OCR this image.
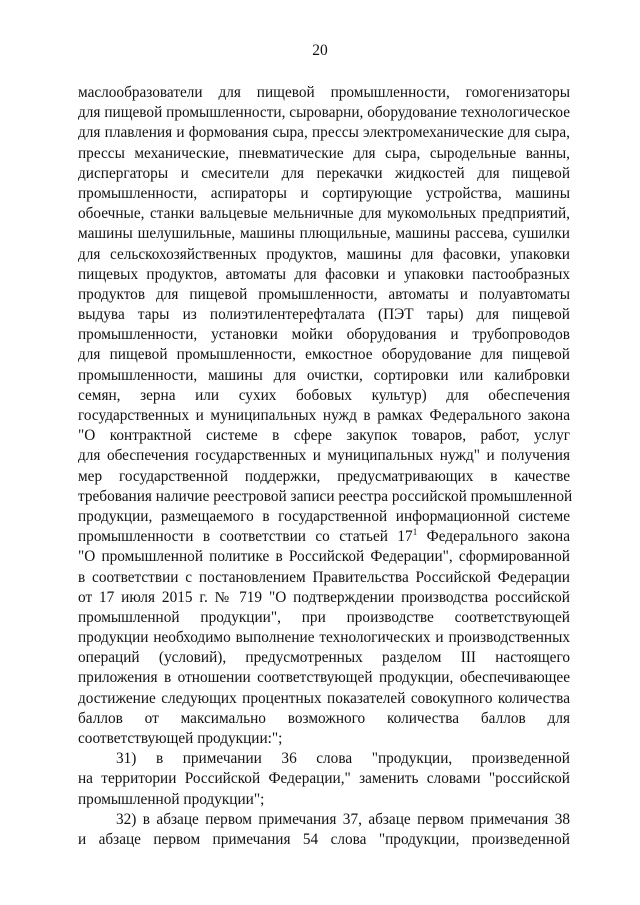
20
маслообразователи для пищевой промышленности, гомогенизаторы
для пищевой промышленности, сыроварни, оборудование технологическое
для плавления и формования сыра, прессы электромеханические для сыра,
прессы механические, пневматические для сыра, сыродельные ванны,
диспергаторы и смесители для перекачки жидкостей для пищевой
промышленности, аспираторы и сортирующие устройства, машины
обоечные, станки вальцевые мельничные для мукомольных предприятий,
машины шелушильные, машины плющильные, машины рассева, сушилки
для сельскохозяйственных продуктов, машины для фасовки, упаковки
пищевых продуктов, автоматы для фасовки и упаковки пастообразных
продуктов для пищевой промышленности, автоматы и полуавтоматы
выдува тары из полиэтилентерефталата (ПЭТ тары) для пищевой
промышленности, установки мойки оборудования и трубопроводов
для пищевой промышленности, емкостное оборудование для пищевой
промышленности, машины для очистки, сортировки или калибровки
семян, зерна или сухих бобовых культур) для обеспечения
государственных и муниципальных нужд в рамках Федерального закона
"О контрактной системе в сфере закупок товаров, работ, услуг
для обеспечения государственных и муниципальных нужд" и получения
мер государственной поддержки, предусматривающих в качестве
требования наличие реестровой записи реестра российской промышленной
продукции, размещаемого в государственной информационной системе
промышленности в соответствии со статьей $17^1$ Федерального закона
"О промышленной политике в Российской Федерации", сформированной
в соответствии с постановлением Правительства Российской Федерации
от 17 июля 2015 г. № 719 "О подтверждении производства российской
промышленной продукции", при производстве соответствующей
продукции необходимо выполнение технологических и производственных
операций (условий), предусмотренных разделом III настоящего
приложения в отношении соответствующей продукции, обеспечивающее
достижение следующих процентных показателей совокупного количества
баллов от максимально возможного количества баллов для
соответствующей продукции:";
31) в примечании 36 слова "продукции, произведенной
на территории Российской Федерации," заменить словами "российской
промышленной продукции";
32) в абзаце первом примечания 37, абзаце первом примечания 38
и абзаце первом примечания 54 слова "продукции, произведенной
